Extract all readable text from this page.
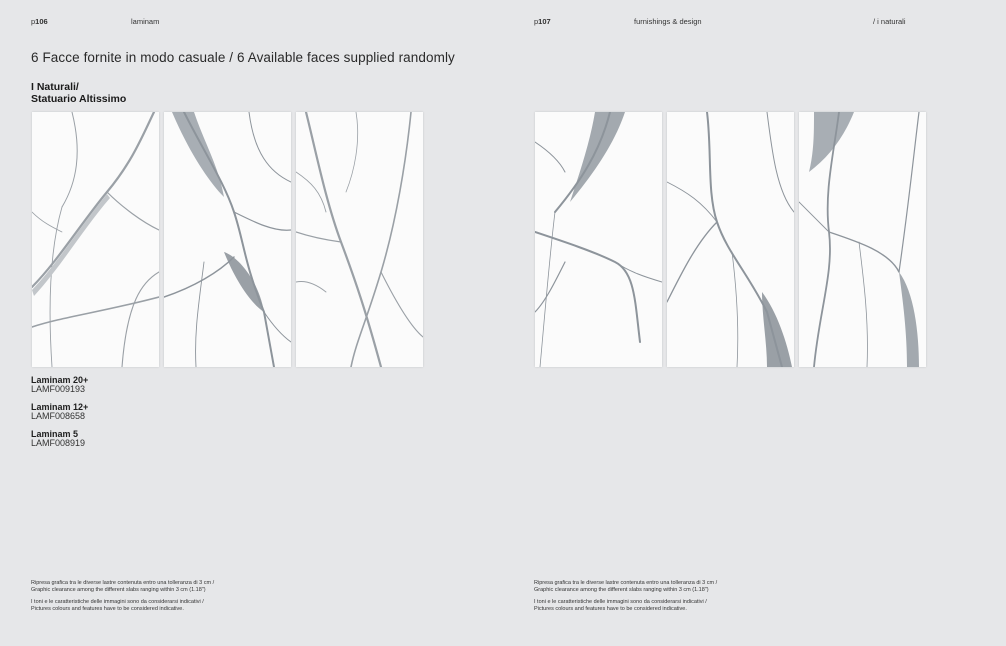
p106	laminam	p107	furnishings & design	/ i naturali
6 Facce fornite in modo casuale / 6 Available faces supplied randomly
I Naturali/
Statuario Altissimo
Laminam 20+
LAMF009193
Laminam 12+
LAMF008658
Laminam 5
LAMF008919

Ripresa grafica tra le diverse lastre contenuta entro una tolleranza di 3 cm /
Graphic clearance among the different slabs ranging within 3 cm (1.18")

I toni e le caratteristiche delle immagini sono da considerarsi indicativi /
Pictures colours and features have to be considered indicative.

Ripresa grafica tra le diverse lastre contenuta entro una tolleranza di 3 cm /
Graphic clearance among the different slabs ranging within 3 cm (1.18")

I toni e le caratteristiche delle immagini sono da considerarsi indicativi /
Pictures colours and features have to be considered indicative.
